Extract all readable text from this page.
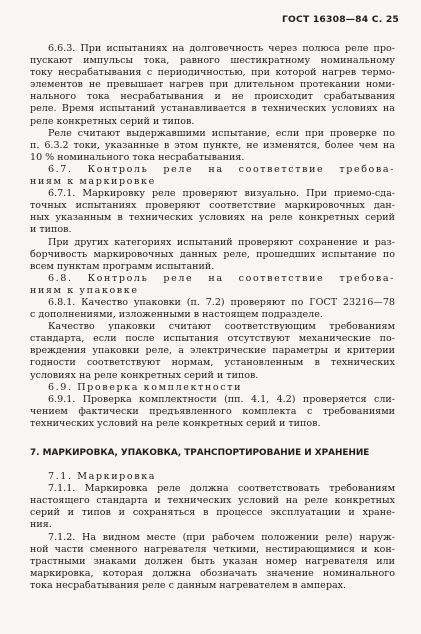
ГОСТ 16308—84 С. 25
6.6.3. При испытаниях на долговечность через полюса реле про-
пускают импульсы тока, равного шестикратному номинальному
току несрабатывания с периодичностью, при которой нагрев термо-
элементов не превышает нагрев при длительном протекании номи-
нального тока несрабатывания и не происходит срабатывания
реле. Время испытаний устанавливается в технических условиях на
реле конкретных серий и типов.
Реле считают выдержавшими испытание, если при проверке по
п. 6.3.2 токи, указанные в этом пункте, не изменятся, более чем на
10 % номинального тока несрабатывания.
6.7. Контроль реле на соответствие требова-
ниям к маркировке
6.7.1. Маркировку реле проверяют визуально. При приемо-сда-
точных испытаниях проверяют соответствие маркировочных дан-
ных указанным в технических условиях на реле конкретных серий
и типов.
При других категориях испытаний проверяют сохранение и раз-
борчивость маркировочных данных реле, прошедших испытание по
всем пунктам программ испытаний.
6.8. Контроль реле на соответствие требова-
ниям к упаковке
6.8.1. Качество упаковки (п. 7.2) проверяют по ГОСТ 23216—78
с дополнениями, изложенными в настоящем подразделе.
Качество упаковки считают соответствующим требованиям
стандарта, если после испытания отсутствуют механические по-
вреждения упаковки реле, а электрические параметры и критерии
годности соответствуют нормам, установленным в технических
условиях на реле конкретных серий и типов.
6.9. Проверка комплектности
6.9.1. Проверка комплектности (пп. 4.1, 4.2) проверяется сли-
чением фактически предъявленного комплекта с требованиями
технических условий на реле конкретных серий и типов.
7. МАРКИРОВКА, УПАКОВКА, ТРАНСПОРТИРОВАНИЕ И ХРАНЕНИЕ
7.1. Маркировка
7.1.1. Маркировка реле должна соответствовать требованиям
настоящего стандарта и технических условий на реле конкретных
серий и типов и сохраняться в процессе эксплуатации и хране-
ния.
7.1.2. На видном месте (при рабочем положении реле) наруж-
ной части сменного нагревателя четкими, нестирающимися и кон-
трастными знаками должен быть указан номер нагревателя или
маркировка, которая должна обозначать значение номинального
тока несрабатывания реле с данным нагревателем в амперах.
